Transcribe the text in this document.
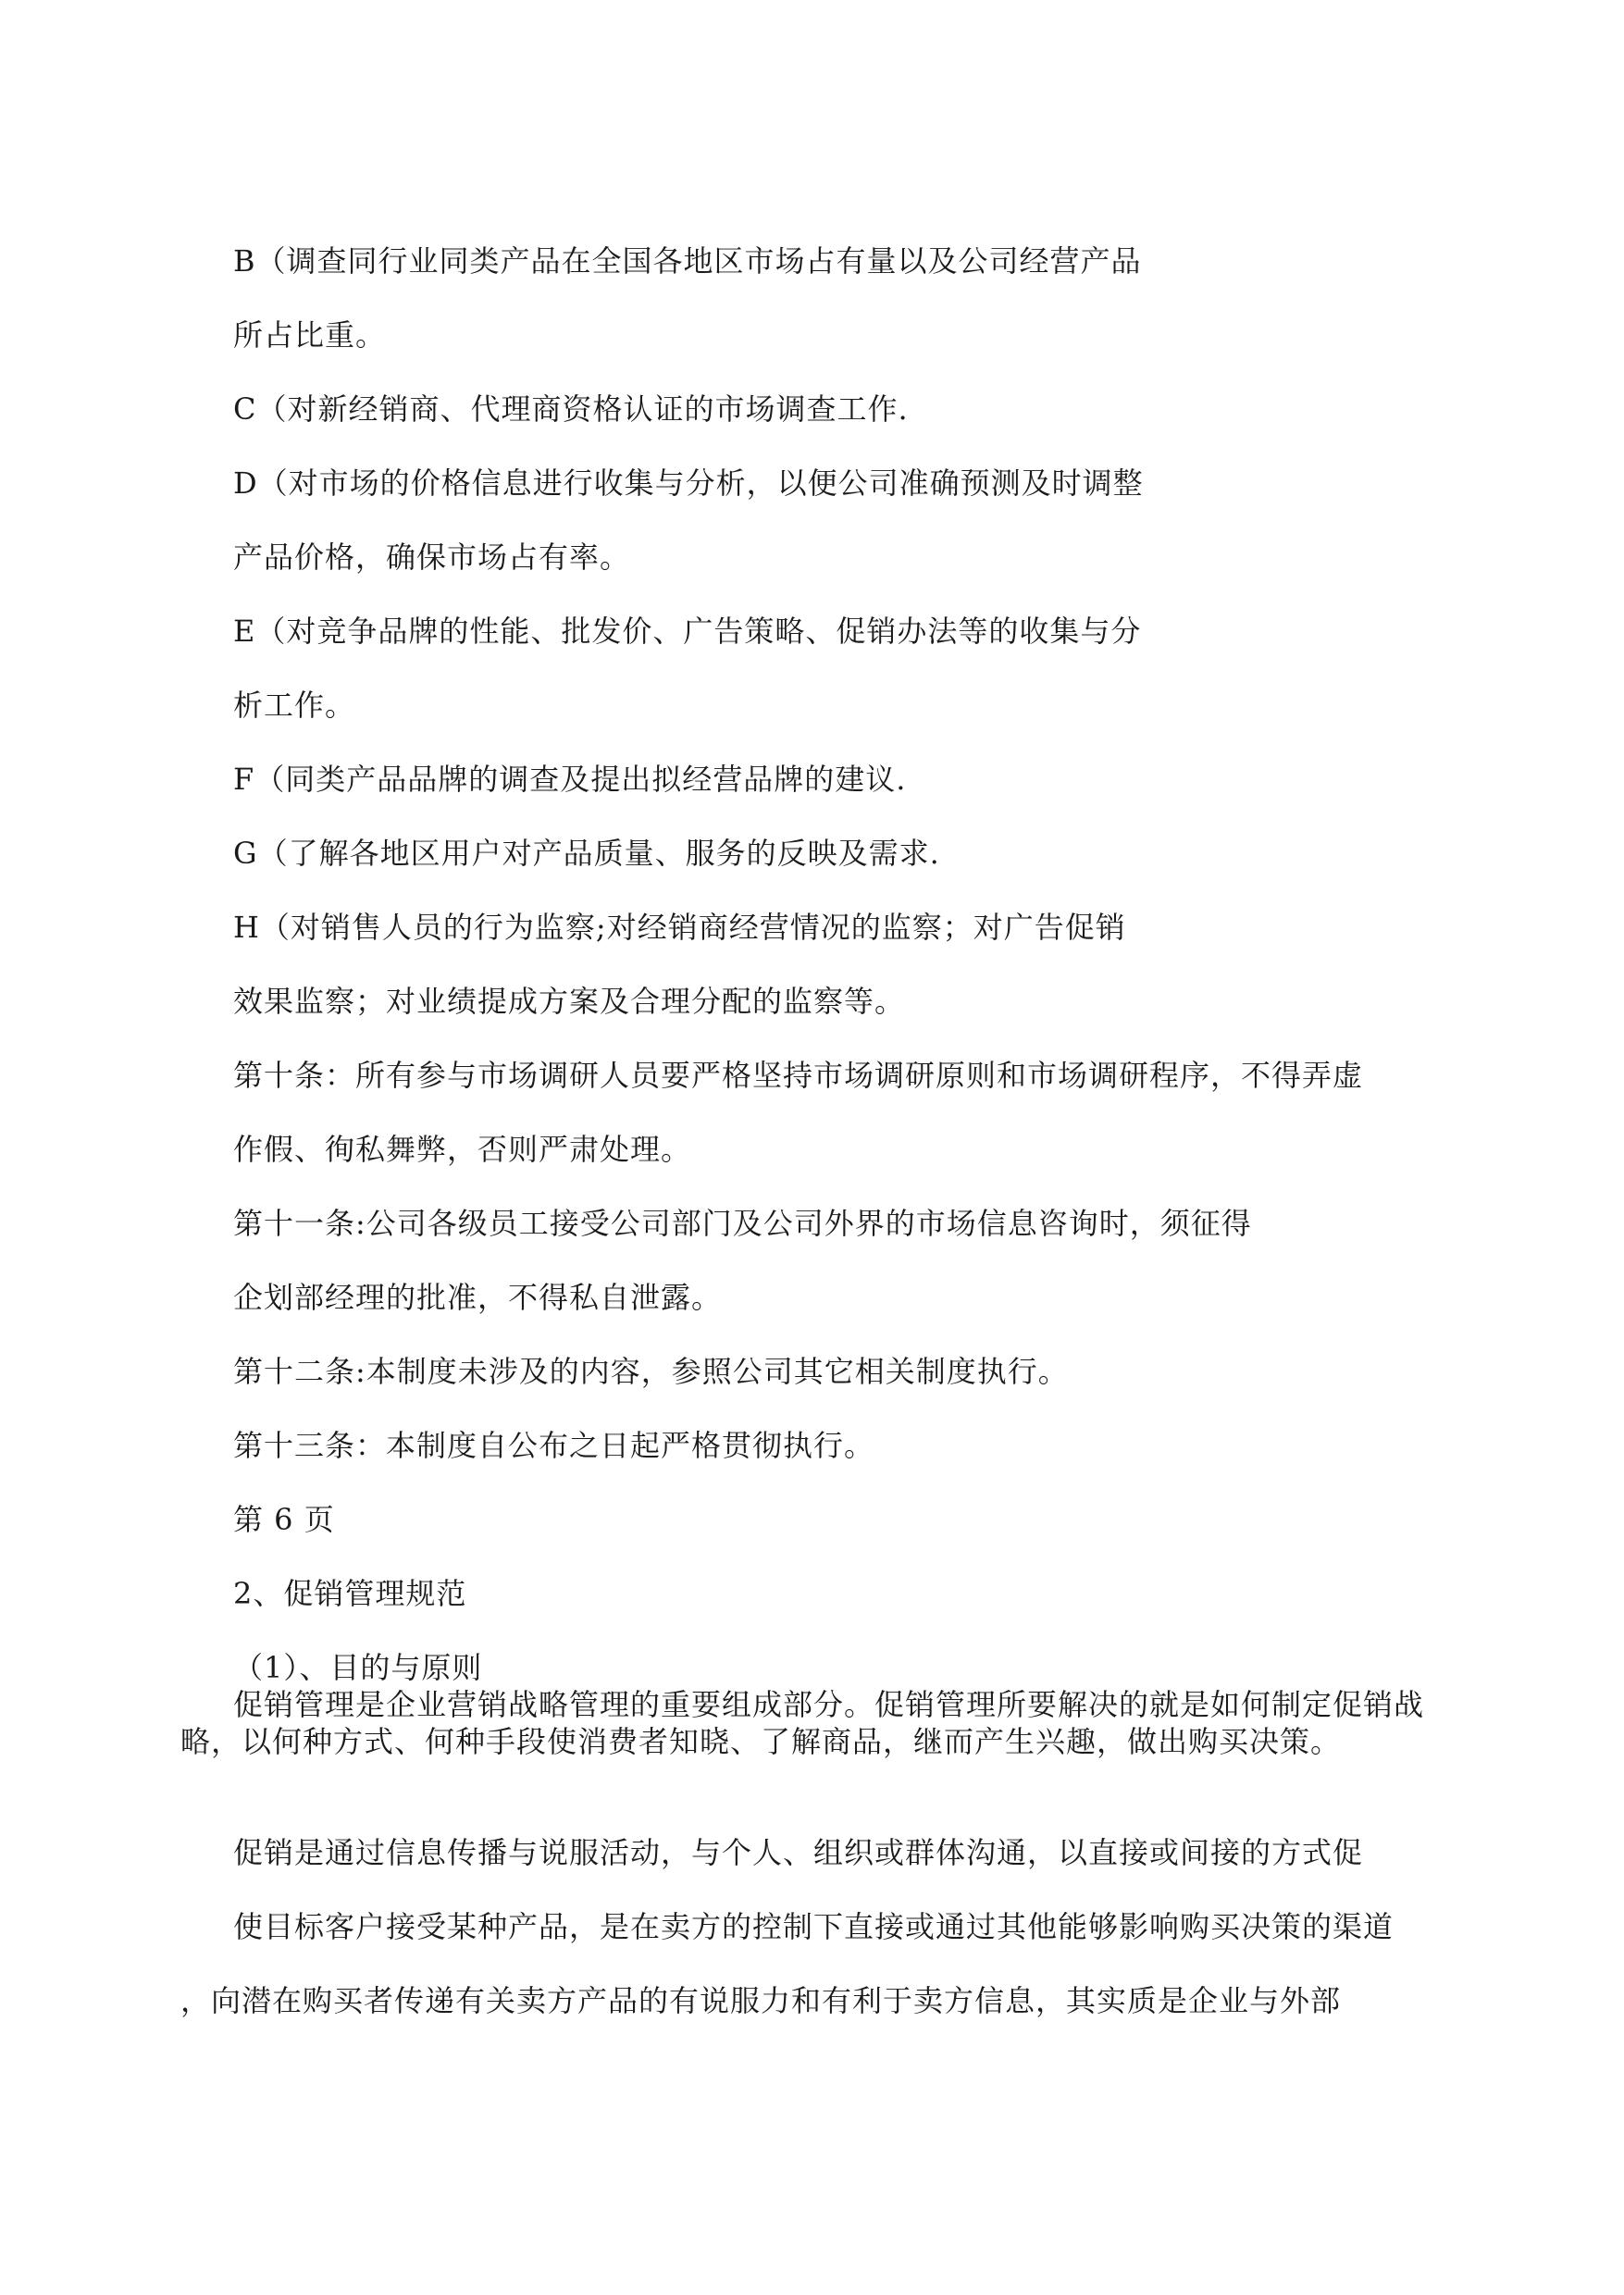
B（调查同行业同类产品在全国各地区市场占有量以及公司经营产品
所占比重。
C（对新经销商、代理商资格认证的市场调查工作.
D（对市场的价格信息进行收集与分析，以便公司准确预测及时调整
产品价格，确保市场占有率。
E（对竞争品牌的性能、批发价、广告策略、促销办法等的收集与分
析工作。
F（同类产品品牌的调查及提出拟经营品牌的建议.
G（了解各地区用户对产品质量、服务的反映及需求.
H（对销售人员的行为监察;对经销商经营情况的监察；对广告促销
效果监察；对业绩提成方案及合理分配的监察等。
第十条：所有参与市场调研人员要严格坚持市场调研原则和市场调研程序，不得弄虚
作假、徇私舞弊，否则严肃处理。
第十一条:公司各级员工接受公司部门及公司外界的市场信息咨询时，须征得
企划部经理的批准，不得私自泄露。
第十二条:本制度未涉及的内容，参照公司其它相关制度执行。
第十三条：本制度自公布之日起严格贯彻执行。
第 6 页
2、促销管理规范
（1）、目的与原则
促销管理是企业营销战略管理的重要组成部分。促销管理所要解决的就是如何制定促销战略，以何种方式、何种手段使消费者知晓、了解商品，继而产生兴趣，做出购买决策。
促销是通过信息传播与说服活动，与个人、组织或群体沟通，以直接或间接的方式促
使目标客户接受某种产品，是在卖方的控制下直接或通过其他能够影响购买决策的渠道
，向潜在购买者传递有关卖方产品的有说服力和有利于卖方信息，其实质是企业与外部
